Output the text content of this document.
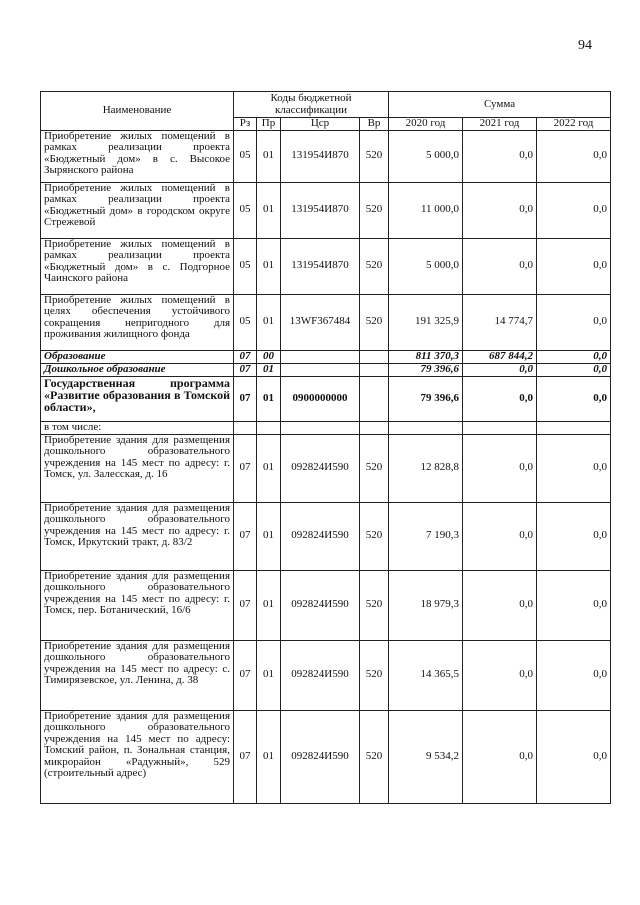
94
Наименование	Коды бюджетной классификации				Сумма		
	Рз	Пр	Цср	Вр	2020 год	2021 год	2022 год
Приобретение жилых помещений в рамках реализации проекта «Бюджетный дом» в с. Высокое Зырянского района	05	01	131954И870	520	5 000,0	0,0	0,0
Приобретение жилых помещений в рамках реализации проекта «Бюджетный дом» в городском округе Стрежевой	05	01	131954И870	520	11 000,0	0,0	0,0
Приобретение жилых помещений в рамках реализации проекта «Бюджетный дом» в с. Подгорное Чаинского района	05	01	131954И870	520	5 000,0	0,0	0,0
Приобретение жилых помещений в целях обеспечения устойчивого сокращения непригодного для проживания жилищного фонда	05	01	13WF367484	520	191 325,9	14 774,7	0,0
Образование	07	00			811 370,3	687 844,2	0,0
Дошкольное образование	07	01			79 396,6	0,0	0,0
Государственная программа «Развитие образования в Томской области»,	07	01	0900000000		79 396,6	0,0	0,0
в том числе:							
Приобретение здания для размещения дошкольного образовательного учреждения на 145 мест по адресу: г. Томск, ул. Залесская, д. 16	07	01	092824И590	520	12 828,8	0,0	0,0
Приобретение здания для размещения дошкольного образовательного учреждения на 145 мест по адресу: г. Томск, Иркутский тракт, д. 83/2	07	01	092824И590	520	7 190,3	0,0	0,0
Приобретение здания для размещения дошкольного образовательного учреждения на 145 мест по адресу: г. Томск, пер. Ботанический, 16/6	07	01	092824И590	520	18 979,3	0,0	0,0
Приобретение здания для размещения дошкольного образовательного учреждения на 145 мест по адресу: с. Тимирязевское, ул. Ленина, д. 38	07	01	092824И590	520	14 365,5	0,0	0,0
Приобретение здания для размещения дошкольного образовательного учреждения на 145 мест по адресу: Томский район, п. Зональная станция, микрорайон «Радужный», 529 (строительный адрес)	07	01	092824И590	520	9 534,2	0,0	0,0
